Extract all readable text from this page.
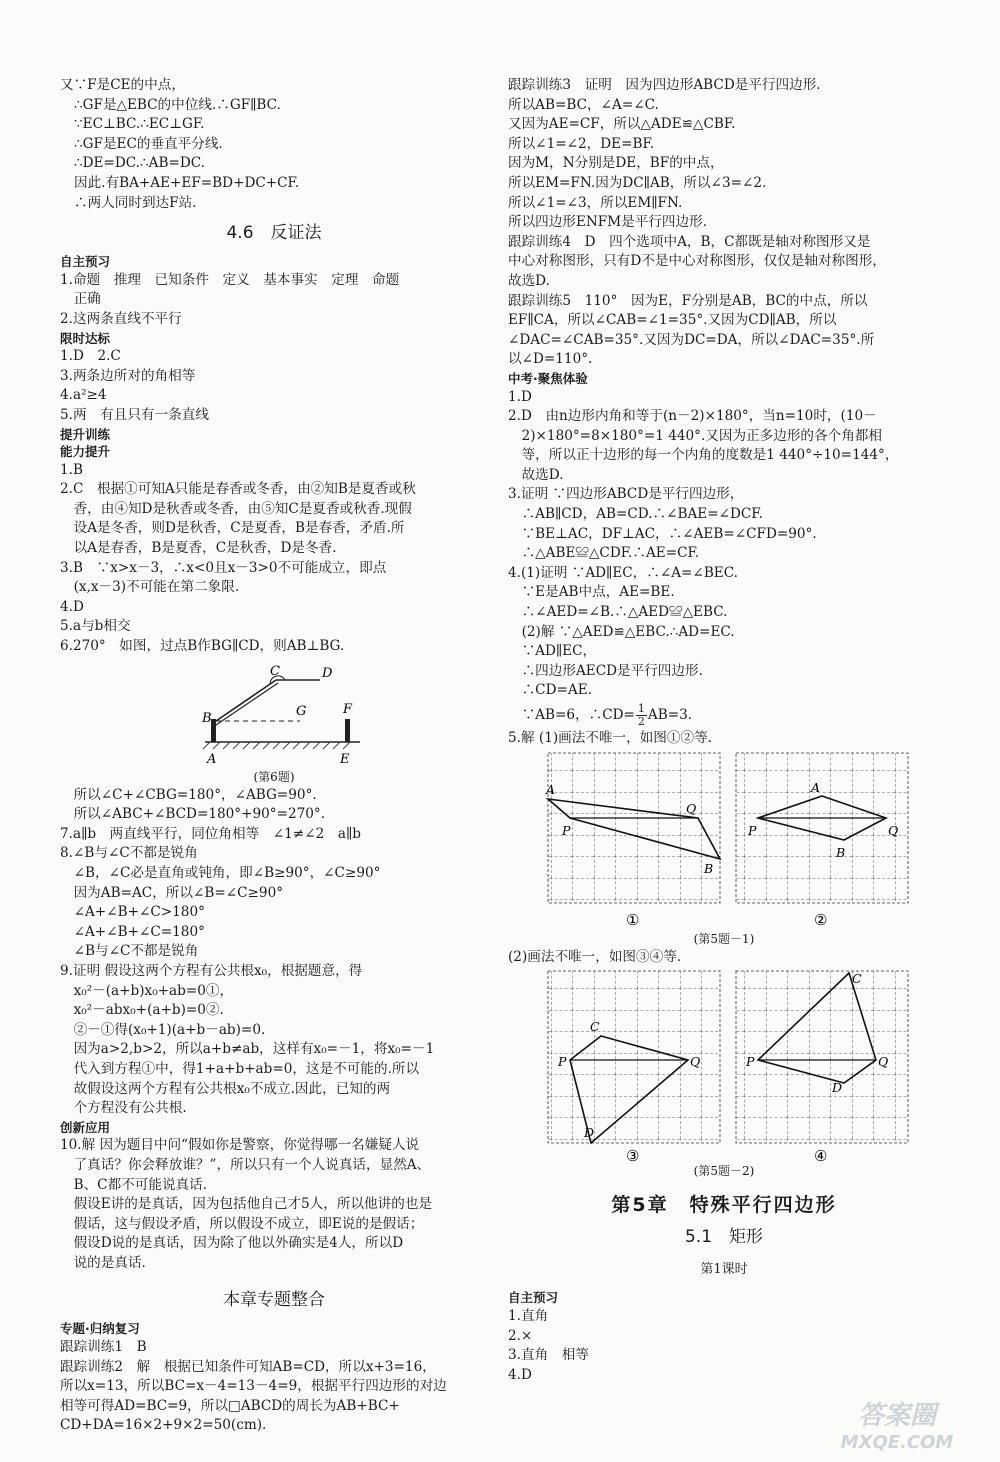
又∵F是CE的中点，
∴GF是△EBC的中位线.∴GF∥BC.
∵EC⊥BC.∴EC⊥GF.
∴GF是EC的垂直平分线.
∴DE=DC.∴AB=DC.
因此.有BA+AE+EF=BD+DC+CF.
∴两人同时到达F站.
4.6　反证法
自主预习
1.命题　推理　已知条件　定义　基本事实　定理　命题
　正确
2.这两条直线不平行
限时达标
1.D　2.C
3.两条边所对的角相等
4.a²≥4
5.两　有且只有一条直线
提升训练
能力提升
1.B
2.C　根据①可知A只能是春香或冬香，由②知B是夏香或秋
　香，由④知D是秋香或冬香，由⑤知C是夏香或秋香.现假
　设A是冬香，则D是秋香，C是夏香，B是春香，矛盾.所
　以A是春香，B是夏香，C是秋香，D是冬香.
3.B　∵x>x－3，∴x<0且x－3>0不可能成立，即点
　(x,x－3)不可能在第二象限.
4.D
5.a与b相交
6.270°　如图，过点B作BG∥CD，则AB⊥BG.
C	D
B	G	F
A	E
(第6题)
　所以∠C+∠CBG=180°，∠ABG=90°.
　所以∠ABC+∠BCD=180°+90°=270°.
7.a∥b　两直线平行，同位角相等　∠1≠∠2　a∥b
8.∠B与∠C不都是锐角
　∠B，∠C必是直角或钝角，即∠B≥90°，∠C≥90°
　因为AB=AC，所以∠B=∠C≥90°
　∠A+∠B+∠C>180°
　∠A+∠B+∠C=180°
　∠B与∠C不都是锐角
9.证明 假设这两个方程有公共根x₀，根据题意，得
　x₀²－(a+b)x₀+ab=0①，
　x₀²－abx₀+(a+b)=0②.
　②－①得(x₀+1)(a+b－ab)=0.
　因为a>2,b>2，所以a+b≠ab，这样有x₀=－1，将x₀=－1
　代入到方程①中，得1+a+b+ab=0，这是不可能的.所以
　故假设这两个方程有公共根x₀不成立.因此，已知的两
　个方程没有公共根.
创新应用
10.解 因为题目中问“假如你是警察，你觉得哪一名嫌疑人说
　了真话？你会释放谁？”，所以只有一个人说真话，显然A、
　B、C都不可能说真话.
　假设E讲的是真话，因为包括他自己才5人，所以他讲的也是
　假话，这与假设矛盾，所以假设不成立，即E说的是假话；
　假设D说的是真话，因为除了他以外确实是4人，所以D
　说的是真话.
本章专题整合
专题·归纳复习
跟踪训练1　B
跟踪训练2　解　根据已知条件可知AB=CD，所以x+3=16，
所以x=13，所以BC=x－4=13－4=9，根据平行四边形的对边
相等可得AD=BC=9，所以□ABCD的周长为AB+BC+
CD+DA=16×2+9×2=50(cm).
跟踪训练3　证明　因为四边形ABCD是平行四边形.
所以AB=BC，∠A=∠C.
又因为AE=CF，所以△ADE≌△CBF.
所以∠1=∠2，DE=BF.
因为M，N分别是DE，BF的中点，
所以EM=FN.因为DC∥AB，所以∠3=∠2.
所以∠1=∠3，所以EM∥FN.
所以四边形ENFM是平行四边形.
跟踪训练4　D　四个选项中A，B，C都既是轴对称图形又是
中心对称图形，只有D不是中心对称图形，仅仅是轴对称图形，
故选D.
跟踪训练5　110°　因为E，F分别是AB，BC的中点，所以
EF∥CA，所以∠CAB=∠1=35°.又因为CD∥AB，所以
∠DAC=∠CAB=35°.又因为DC=DA，所以∠DAC=35°.所
以∠D=110°.
中考·聚焦体验
1.D
2.D　由n边形内角和等于(n－2)×180°，当n=10时，(10－
　2)×180°=8×180°=1 440°.又因为正多边形的各个角都相
　等，所以正十边形的每一个内角的度数是1 440°÷10=144°，
　故选D.
3.证明 ∵四边形ABCD是平行四边形，
　∴AB∥CD，AB=CD.∴∠BAE=∠DCF.
　∵BE⊥AC，DF⊥AC，∴∠AEB=∠CFD=90°.
　∴△ABE≌△CDF.∴AE=CF.
4.(1)证明 ∵AD∥EC，∴∠A=∠BEC.
　∵E是AB中点，AE=BE.
　∴∠AED=∠B.∴△AED≌△EBC.
　(2)解 ∵△AED≌△EBC.∴AD=EC.
　∵AD∥EC，
　∴四边形AECD是平行四边形.
　∴CD=AE.
　∵AB=6，∴CD= $\frac{1}{2} AB=3$.
5.解 (1)画法不唯一，如图①②等.
A
P
Q
B
A
P	Q
B
①	②
(第5题－1)
(2)画法不唯一，如图③④等.
C
P	Q
D
C
P	Q
D
③	④
(第5题－2)
第5章　特殊平行四边形
5.1　矩形
第1课时
自主预习
1.直角
2.×
3.直角　相等
4.D
答案圈
MXQE.COM
